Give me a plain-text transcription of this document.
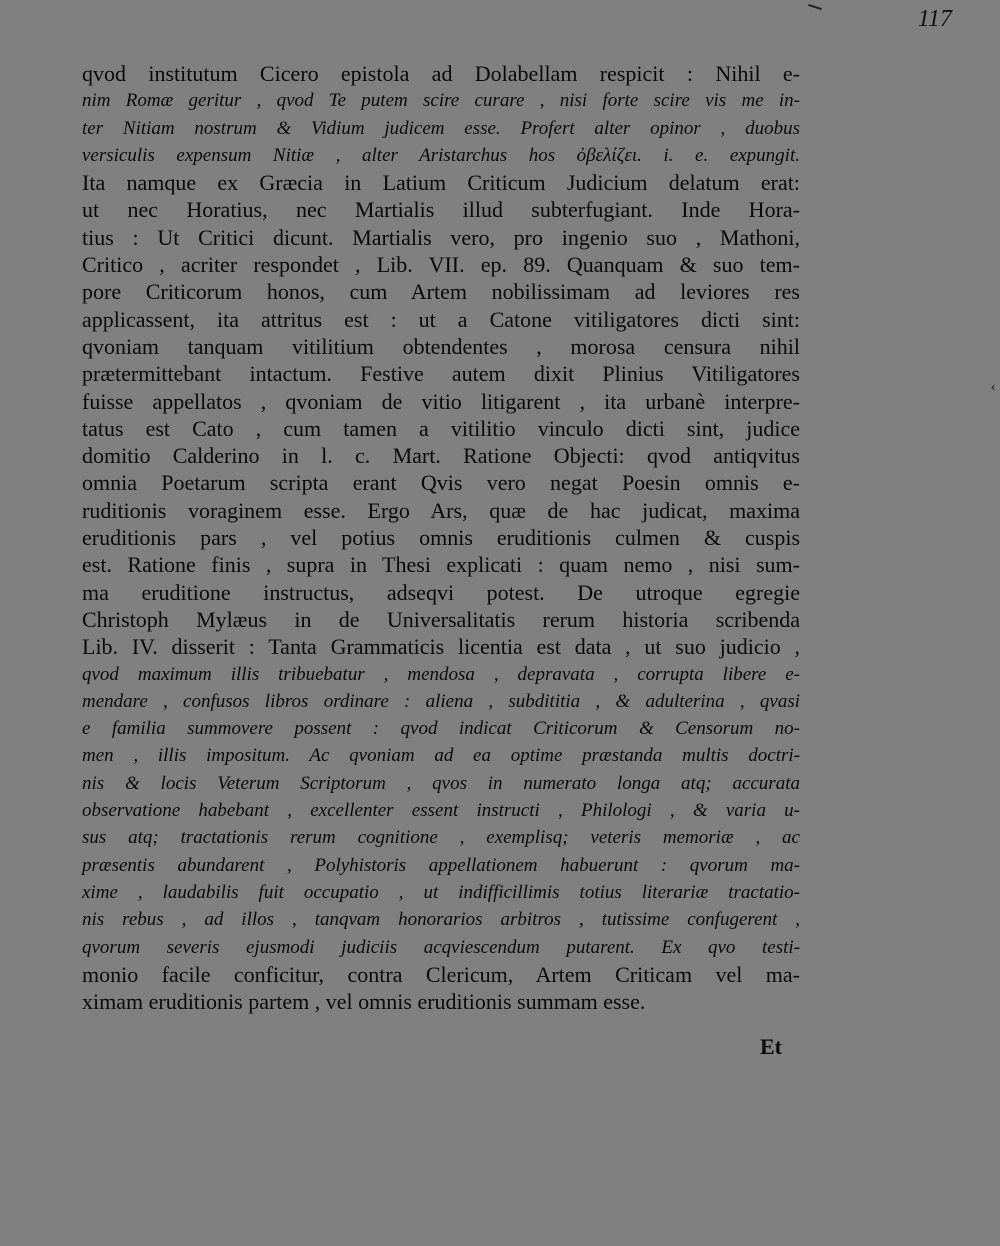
117
‹
qvod institutum Cicero epistola ad Dolabellam respicit : Nihil e-
nim Romæ geritur , qvod Te putem scire curare , nisi forte scire vis me in-
ter Nitiam nostrum & Vidium judicem esse. Profert alter opinor , duobus
versiculis expensum Nitiæ , alter Aristarchus hos ὀβελίζει. i. e. expungit.
Ita namque ex Græcia in Latium Criticum Judicium delatum erat:
ut nec Horatius, nec Martialis illud subterfugiant. Inde Hora-
tius : Ut Critici dicunt. Martialis vero, pro ingenio suo , Mathoni,
Critico , acriter respondet , Lib. VII. ep. 89. Quanquam & suo tem-
pore Criticorum honos, cum Artem nobilissimam ad leviores res
applicassent, ita attritus est : ut a Catone vitiligatores dicti sint:
qvoniam tanquam vitilitium obtendentes , morosa censura nihil
prætermittebant intactum. Festive autem dixit Plinius Vitiligatores
fuisse appellatos , qvoniam de vitio litigarent , ita urbanè interpre-
tatus est Cato , cum tamen a vitilitio vinculo dicti sint, judice
domitio Calderino in l. c. Mart. Ratione Objecti: qvod antiqvitus
omnia Poetarum scripta erant Qvis vero negat Poesin omnis e-
ruditionis voraginem esse. Ergo Ars, quæ de hac judicat, maxima
eruditionis pars , vel potius omnis eruditionis culmen & cuspis
est. Ratione finis , supra in Thesi explicati : quam nemo , nisi sum-
ma eruditione instructus, adseqvi potest. De utroque egregie
Christoph Mylæus in de Universalitatis rerum historia scribenda
Lib. IV. disserit : Tanta Grammaticis licentia est data , ut suo judicio ,
qvod maximum illis tribuebatur , mendosa , depravata , corrupta libere e-
mendare , confusos libros ordinare : aliena , subdititia , & adulterina , qvasi
e familia summovere possent : qvod indicat Criticorum & Censorum no-
men , illis impositum. Ac qvoniam ad ea optime præstanda multis doctri-
nis & locis Veterum Scriptorum , qvos in numerato longa atq; accurata
observatione habebant , excellenter essent instructi , Philologi , & varia u-
sus atq; tractationis rerum cognitione , exemplisq; veteris memoriæ , ac
præsentis abundarent , Polyhistoris appellationem habuerunt : qvorum ma-
xime , laudabilis fuit occupatio , ut indifficillimis totius literariæ tractatio-
nis rebus , ad illos , tanqvam honorarios arbitros , tutissime confugerent ,
qvorum severis ejusmodi judiciis acqviescendum putarent. Ex qvo testi-
monio facile conficitur, contra Clericum, Artem Criticam vel ma-
ximam eruditionis partem , vel omnis eruditionis summam esse.
Et
